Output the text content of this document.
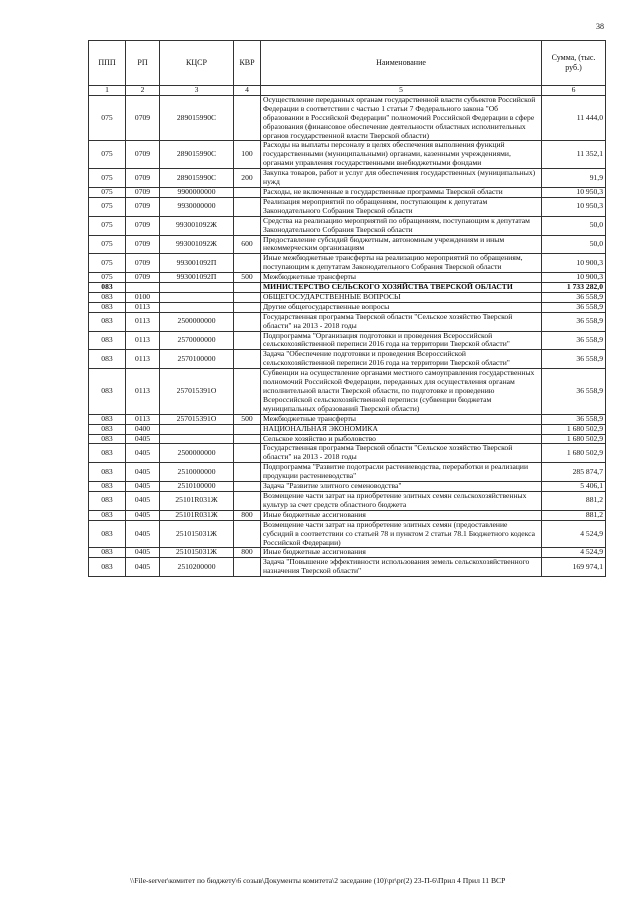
38
ППП	РП	КЦСР	КВР	Наименование	Сумма, (тыс. руб.)
1	2	3	4	5	6
075	0709	289015990С		Осуществление переданных органам государственной власти субъектов Российской Федерации в соответствии с частью 1 статьи 7 Федерального закона "Об образовании в Российской Федерации" полномочий Российской Федерации в сфере образования (финансовое обеспечение деятельности областных исполнительных органов государственной власти Тверской области)	11 444,0
075	0709	289015990С	100	Расходы на выплаты персоналу в целях обеспечения выполнения функций государственными (муниципальными) органами, казенными учреждениями, органами управления государственными внебюджетными фондами	11 352,1
075	0709	289015990С	200	Закупка товаров, работ и услуг для обеспечения государственных (муниципальных) нужд	91,9
075	0709	9900000000		Расходы, не включенные в государственные программы Тверской области	10 950,3
075	0709	9930000000		Реализация мероприятий по обращениям, поступающим к депутатам Законодательного Собрания Тверской области	10 950,3
075	0709	993001092Ж		Средства на реализацию мероприятий по обращениям, поступающим к депутатам Законодательного Собрания Тверской области	50,0
075	0709	993001092Ж	600	Предоставление субсидий бюджетным, автономным учреждениям и иным некоммерческим организациям	50,0
075	0709	993001092П		Иные межбюджетные трансферты на реализацию мероприятий по обращениям, поступающим к депутатам Законодательного Собрания Тверской области	10 900,3
075	0709	993001092П	500	Межбюджетные трансферты	10 900,3
083				МИНИСТЕРСТВО СЕЛЬСКОГО ХОЗЯЙСТВА ТВЕРСКОЙ ОБЛАСТИ	1 733 282,0
083	0100			ОБЩЕГОСУДАРСТВЕННЫЕ ВОПРОСЫ	36 558,9
083	0113			Другие общегосударственные вопросы	36 558,9
083	0113	2500000000		Государственная программа Тверской области "Сельское хозяйство Тверской области" на 2013 - 2018 годы	36 558,9
083	0113	2570000000		Подпрограмма "Организация подготовки и проведения Всероссийской сельскохозяйственной переписи 2016 года на территории Тверской области"	36 558,9
083	0113	2570100000		Задача "Обеспечение подготовки и проведения Всероссийской сельскохозяйственной переписи 2016 года на территории Тверской области"	36 558,9
083	0113	257015391О		Субвенции на осуществление органами местного самоуправления государственных полномочий Российской Федерации, переданных для осуществления органам исполнительной власти Тверской области, по подготовке и проведению Всероссийской сельскохозяйственной переписи (субвенции бюджетам муниципальных образований Тверской области)	36 558,9
083	0113	257015391О	500	Межбюджетные трансферты	36 558,9
083	0400			НАЦИОНАЛЬНАЯ ЭКОНОМИКА	1 680 502,9
083	0405			Сельское хозяйство и рыболовство	1 680 502,9
083	0405	2500000000		Государственная программа Тверской области "Сельское хозяйство Тверской области" на 2013 - 2018 годы	1 680 502,9
083	0405	2510000000		Подпрограмма "Развитие подотрасли растениеводства, переработки и реализации продукции растениеводства"	285 874,7
083	0405	2510100000		Задача "Развитие элитного семеноводства"	5 406,1
083	0405	25101R031Ж		Возмещение части затрат на приобретение элитных семян сельскохозяйственных культур за счет средств областного бюджета	881,2
083	0405	25101R031Ж	800	Иные бюджетные ассигнования	881,2
083	0405	251015031Ж		Возмещение части затрат на приобретение элитных семян (предоставление субсидий в соответствии со статьей 78 и пунктом 2 статьи 78.1 Бюджетного кодекса Российской Федерации)	4 524,9
083	0405	251015031Ж	800	Иные бюджетные ассигнования	4 524,9
083	0405	2510200000		Задача "Повышение эффективности использования земель сельскохозяйственного назначения Тверской области"	169 974,1
\\File-server\комитет по бюджету\6 созыв\Документы комитета\2 заседание (10)\pr\pr(2) 23-П-6\Прил 4 Прил 11 ВСР
